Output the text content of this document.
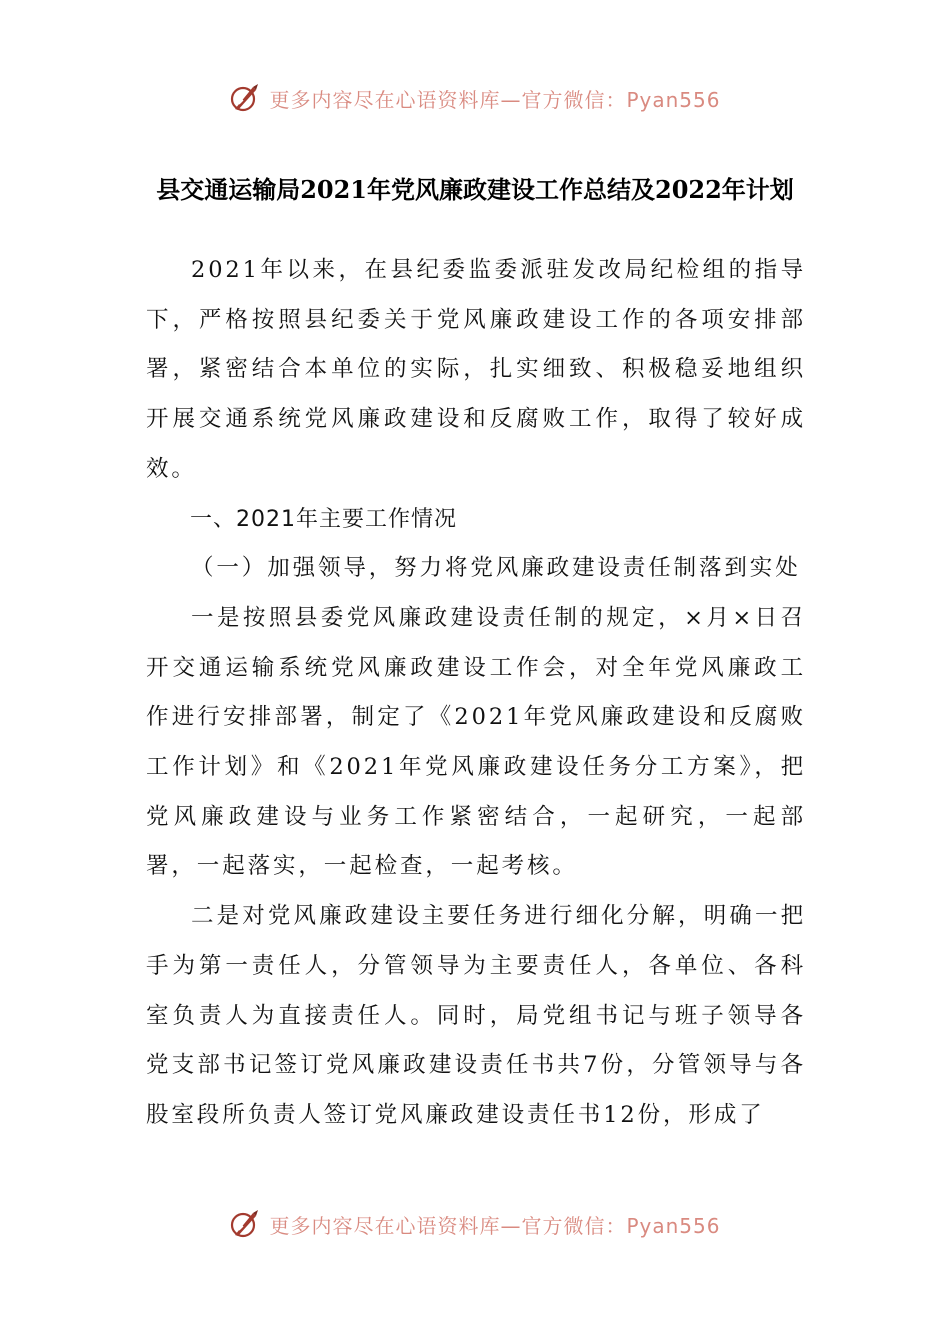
更多内容尽在心语资料库—官方微信：Pyan556
县交通运输局2021年党风廉政建设工作总结及2022年计划

2021年以来，在县纪委监委派驻发改局纪检组的指导下，严格按照县纪委关于党风廉政建设工作的各项安排部署，紧密结合本单位的实际，扎实细致、积极稳妥地组织开展交通系统党风廉政建设和反腐败工作，取得了较好成效。

一、2021年主要工作情况

（一）加强领导，努力将党风廉政建设责任制落到实处

一是按照县委党风廉政建设责任制的规定，×月×日召开交通运输系统党风廉政建设工作会，对全年党风廉政工作进行安排部署，制定了《2021年党风廉政建设和反腐败工作计划》和《2021年党风廉政建设任务分工方案》，把党风廉政建设与业务工作紧密结合，一起研究，一起部署，一起落实，一起检查，一起考核。

二是对党风廉政建设主要任务进行细化分解，明确一把手为第一责任人，分管领导为主要责任人，各单位、各科室负责人为直接责任人。同时，局党组书记与班子领导各党支部书记签订党风廉政建设责任书共7份，分管领导与各股室段所负责人签订党风廉政建设责任书12份，形成了

更多内容尽在心语资料库—官方微信：Pyan556
